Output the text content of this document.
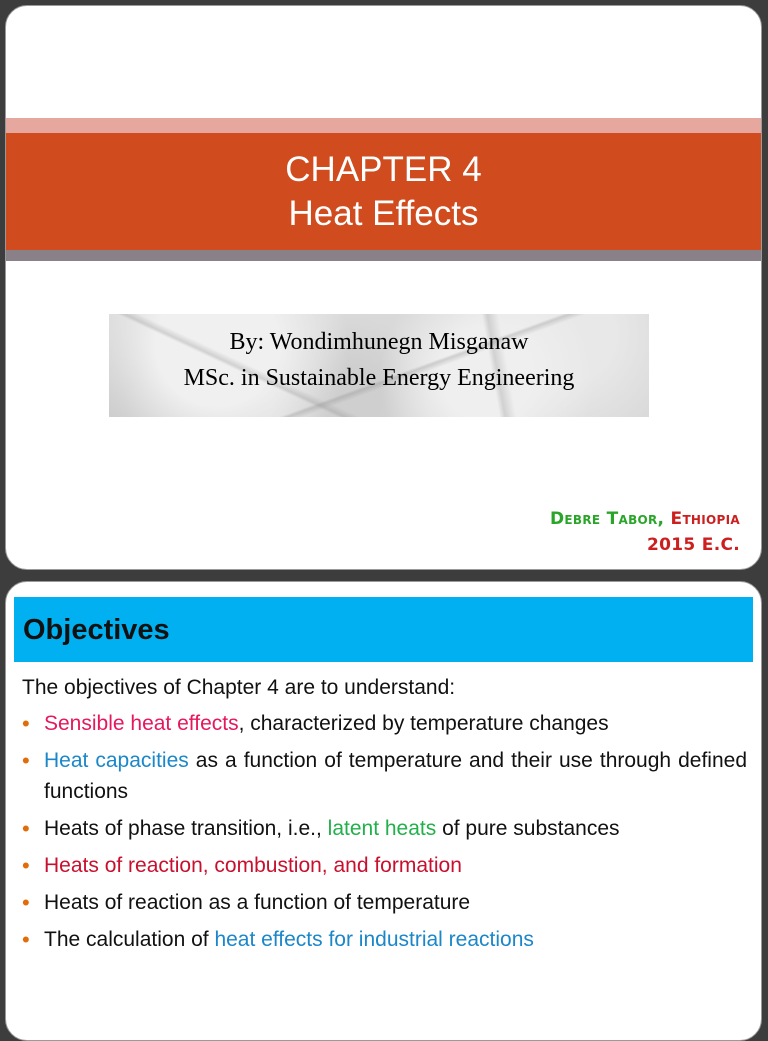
CHAPTER 4
Heat Effects
By: Wondimhunegn Misganaw
MSc. in Sustainable Energy Engineering
Debre Tabor, Ethiopia
2015 E.C.
Objectives
The objectives of Chapter 4 are to understand:
• Sensible heat effects, characterized by temperature changes
• Heat capacities as a function of temperature and their use through defined functions
• Heats of phase transition, i.e., latent heats of pure substances
• Heats of reaction, combustion, and formation
• Heats of reaction as a function of temperature
• The calculation of heat effects for industrial reactions
